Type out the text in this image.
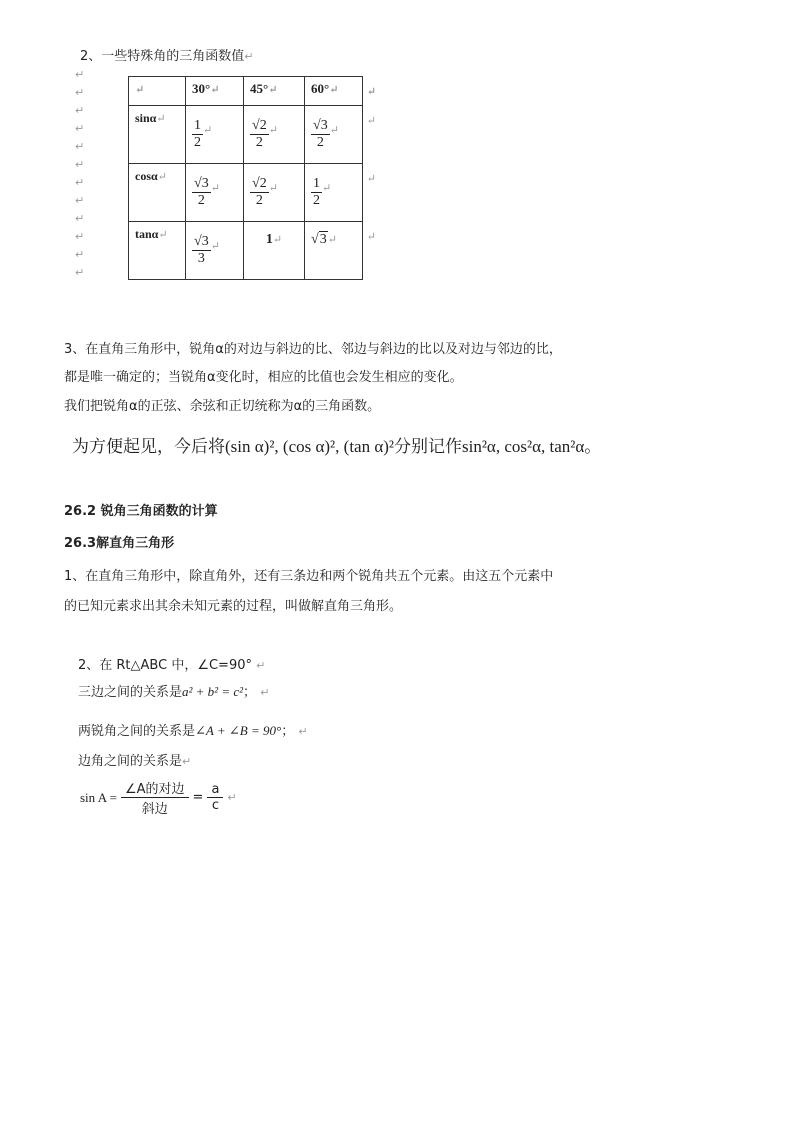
2、一些特殊角的三角函数值↵
↵
↵
↵
↵
↵
↵
↵
↵
↵
↵
↵
↵
↵	30°↵	45°↵	60°↵ ↵

sinα↵	$\frac{1}{2}$ ↵	$\frac{√2}{2}$ ↵	$\frac{√3}{2}$ ↵
↵

cosα↵	$\frac{√3}{2}$ ↵	$\frac{√2}{2}$ ↵	$\frac{1}{2}$ ↵
↵

tanα↵	$\frac{√3}{3}$ ↵	1↵	√3↵ ↵
3、在直角三角形中，锐角α的对边与斜边的比、邻边与斜边的比以及对边与邻边的比，
都是唯一确定的；当锐角α变化时，相应的比值也会发生相应的变化。
我们把锐角α的正弦、余弦和正切统称为α的三角函数。
为方便起见，今后将(sin α)², (cos α)², (tan α)²分别记作sin²α, cos²α, tan²α。
26.2 锐角三角函数的计算
26.3解直角三角形
1、在直角三角形中，除直角外，还有三条边和两个锐角共五个元素。由这五个元素中
的已知元素求出其余未知元素的过程，叫做解直角三角形。
2、在 Rt△ABC 中，∠C=90° ↵
三边之间的关系是a² + b² = c²； ↵
两锐角之间的关系是∠A + ∠B = 90°； ↵
边角之间的关系是↵
$\sin A = \frac{\text{∠A的对边}}{\text{斜边}} = \frac{a}{c}$ ↵
